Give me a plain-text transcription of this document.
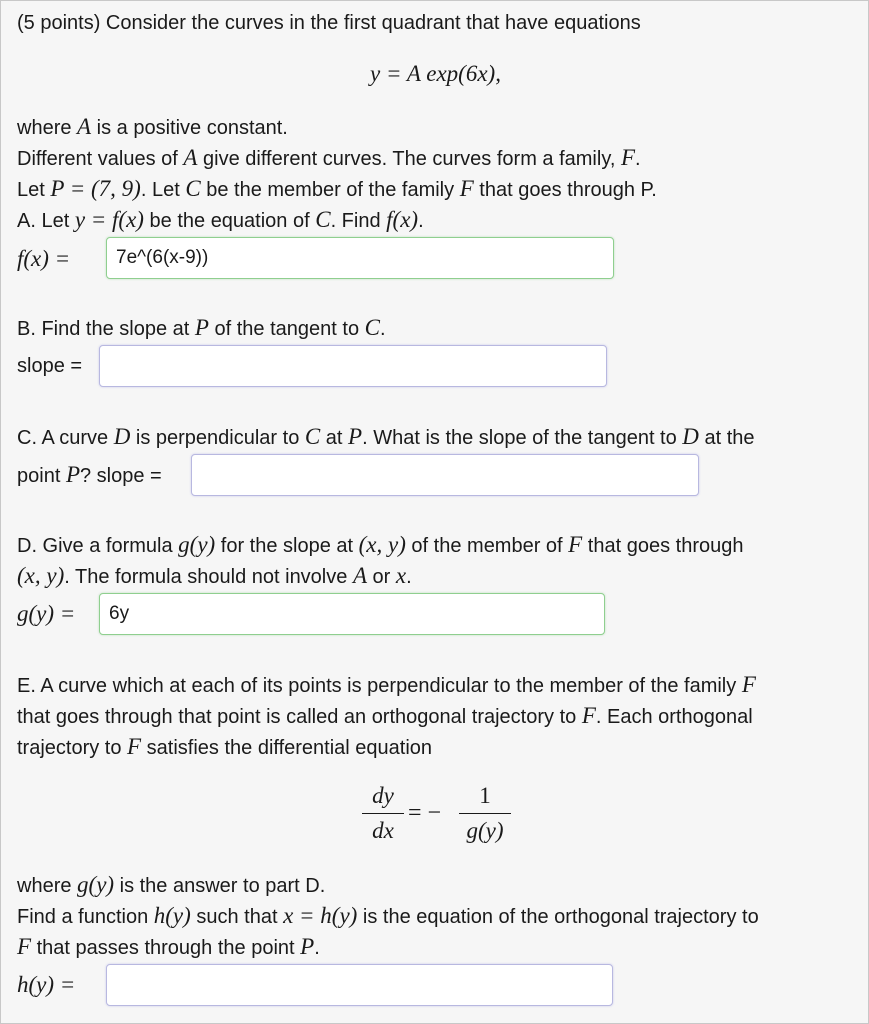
(5 points) Consider the curves in the first quadrant that have equations
y = A exp(6x),
where A is a positive constant.
Different values of A give different curves. The curves form a family, F.
Let P = (7, 9). Let C be the member of the family F that goes through P.
A. Let y = f(x) be the equation of C. Find f(x).
f(x) =	7e^(6(x-9))
B. Find the slope at P of the tangent to C.
slope =
C. A curve D is perpendicular to C at P. What is the slope of the tangent to D at the
point P? slope =
D. Give a formula g(y) for the slope at (x, y) of the member of F that goes through
(x, y). The formula should not involve A or x.
g(y) =	6y
E. A curve which at each of its points is perpendicular to the member of the family F
that goes through that point is called an orthogonal trajectory to F. Each orthogonal
trajectory to F satisfies the differential equation
dy
dx
= −
1
g(y)
where g(y) is the answer to part D.
Find a function h(y) such that x = h(y) is the equation of the orthogonal trajectory to
F that passes through the point P.
h(y) =
